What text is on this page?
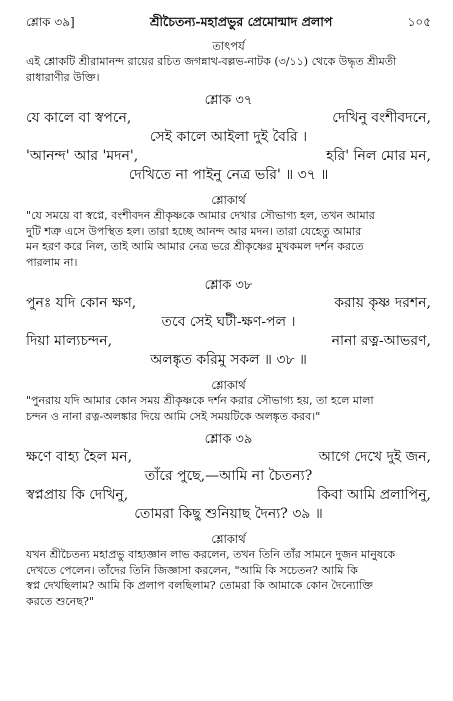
শ্লোক ৩৯]	শ্রীচৈতন্য-মহাপ্রভুর প্রেমোন্মাদ প্রলাপ	১০৫

তাৎপর্য

এই শ্লোকটি শ্রীরামানন্দ রায়ের রচিত জগন্নাথ-বল্লভ-নাটক (৩/১১) থেকে উদ্ধৃত শ্রীমতী

রাধারাণীর উক্তি।

শ্লোক ৩৭

যে কালে বা স্বপনে,	দেখিনু বংশীবদনে,
সেই কালে আইলা দুই বৈরি ।
'আনন্দ' আর 'মদন',	হরি' নিল মোর মন,
দেখিতে না পাইনু নেত্র ভরি' ॥ ৩৭ ॥

শ্লোকার্থ

"যে সময়ে বা স্বপ্নে, বংশীবদন শ্রীকৃষ্ণকে আমার দেখার সৌভাগ্য হল, তখন আমার

দুটি শত্রু এসে উপস্থিত হল। তারা হচ্ছে আনন্দ আর মদন। তারা যেহেতু আমার

মন হরণ করে নিল, তাই আমি আমার নেত্র ভরে শ্রীকৃষ্ণের মুখকমল দর্শন করতে

পারলাম না।

শ্লোক ৩৮

পুনঃ যদি কোন ক্ষণ,	করায় কৃষ্ণ দরশন,
তবে সেই ঘটী-ক্ষণ-পল ।
দিয়া মাল্যচন্দন,	নানা রত্ন-আভরণ,
অলঙ্কৃত করিমু সকল ॥ ৩৮ ॥

শ্লোকার্থ

"পুনরায় যদি আমার কোন সময় শ্রীকৃষ্ণকে দর্শন করার সৌভাগ্য হয়, তা হলে মালা

চন্দন ও নানা রত্ন-অলঙ্কার দিয়ে আমি সেই সময়টিকে অলঙ্কৃত করব।"

শ্লোক ৩৯

ক্ষণে বাহ্য হৈল মন,	আগে দেখে দুই জন,
তাঁরে পুছে,—আমি না চৈতন্য?
স্বপ্নপ্রায় কি দেখিনু,	কিবা আমি প্রলাপিনু,
তোমরা কিছু শুনিয়াছ দৈন্য? ৩৯ ॥

শ্লোকার্থ

যখন শ্রীচৈতন্য মহাপ্রভু বাহ্যজ্ঞান লাভ করলেন, তখন তিনি তাঁর সামনে দুজন মানুষকে

দেখতে পেলেন। তাঁদের তিনি জিজ্ঞাসা করলেন, "আমি কি সচেতন? আমি কি

স্বপ্ন দেখছিলাম? আমি কি প্রলাপ বলছিলাম? তোমরা কি আমাকে কোন দৈন্যোক্তি

করতে শুনেছ?"
